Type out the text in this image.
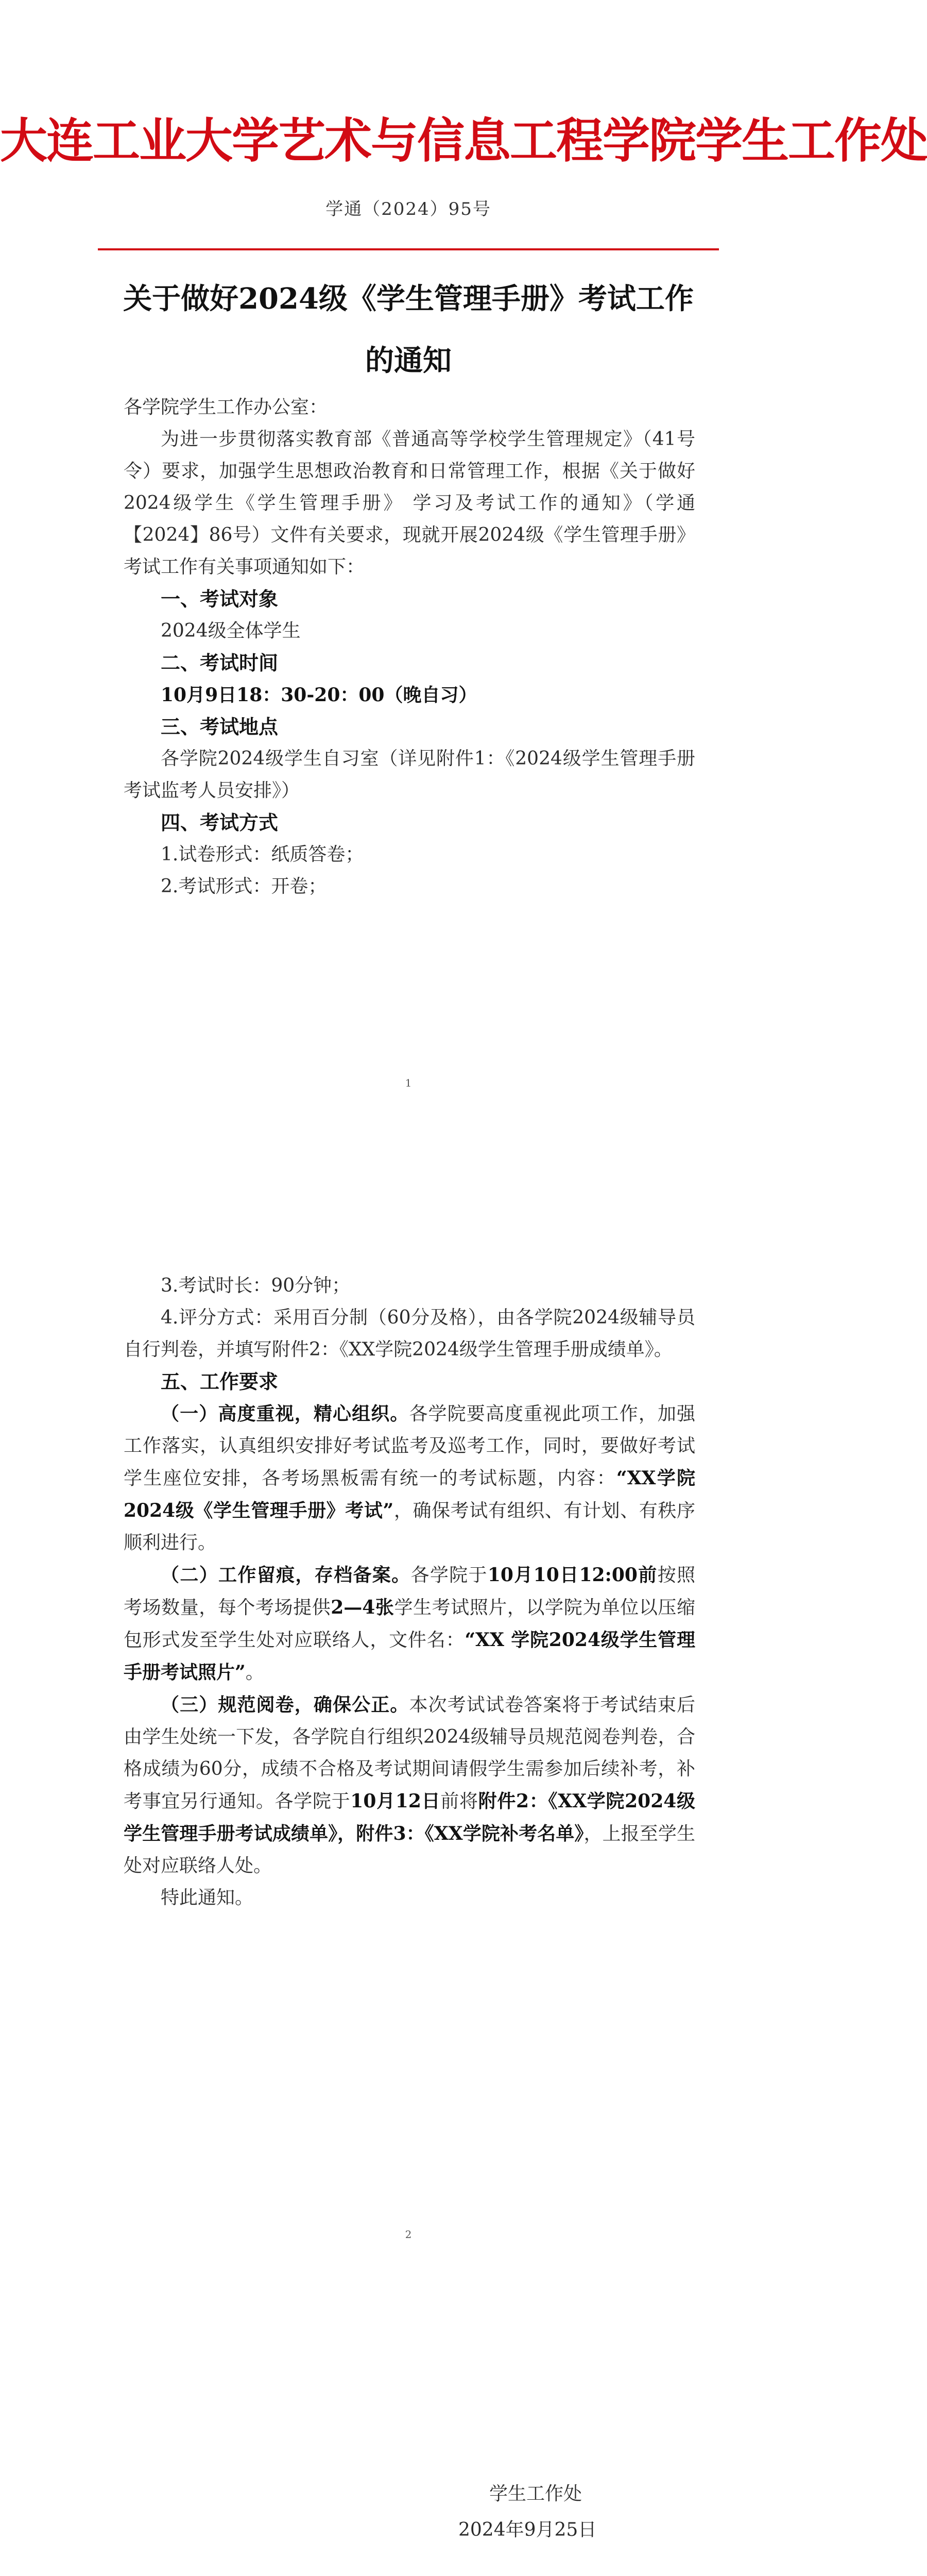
大连工业大学艺术与信息工程学院学生工作处
学通（2024）95号
关于做好2024级《学生管理手册》考试工作
的通知

各学院学生工作办公室：

为进一步贯彻落实教育部《普通高等学校学生管理规定》（41号令）要求，加强学生思想政治教育和日常管理工作，根据《关于做好2024级学生《学生管理手册》 学习及考试工作的通知》（学通【2024】86号）文件有关要求，现就开展2024级《学生管理手册》考试工作有关事项通知如下：

一、考试对象

2024级全体学生

二、考试时间

10月9日18：30-20：00（晚自习）

三、考试地点

各学院2024级学生自习室（详见附件1：《2024级学生管理手册考试监考人员安排》）

四、考试方式

1.试卷形式：纸质答卷；

2.考试形式：开卷；

1

3.考试时长：90分钟；

4.评分方式：采用百分制（60分及格），由各学院2024级辅导员自行判卷，并填写附件2：《XX学院2024级学生管理手册成绩单》。

五、工作要求

（一）高度重视，精心组织。各学院要高度重视此项工作，加强工作落实，认真组织安排好考试监考及巡考工作，同时，要做好考试学生座位安排，各考场黑板需有统一的考试标题，内容：“XX学院2024级《学生管理手册》考试”，确保考试有组织、有计划、有秩序顺利进行。

（二）工作留痕，存档备案。各学院于10月10日12:00前按照考场数量，每个考场提供2—4张学生考试照片，以学院为单位以压缩包形式发至学生处对应联络人，文件名：“XX 学院2024级学生管理手册考试照片”。

（三）规范阅卷，确保公正。本次考试试卷答案将于考试结束后由学生处统一下发，各学院自行组织2024级辅导员规范阅卷判卷，合格成绩为60分，成绩不合格及考试期间请假学生需参加后续补考，补考事宜另行通知。各学院于10月12日前将附件2：《XX学院2024级学生管理手册考试成绩单》，附件3：《XX学院补考名单》，上报至学生处对应联络人处。

特此通知。

2
学生工作处
2024年9月25日
